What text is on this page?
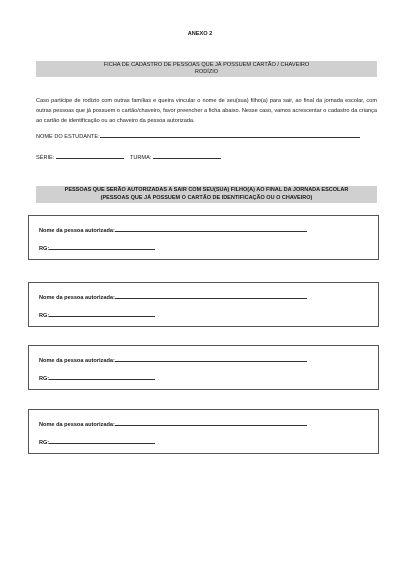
ANEXO 2
FICHA DE CADASTRO DE PESSOAS QUE JÁ POSSUEM CARTÃO / CHAVEIRO
RODÍZIO
Caso participe de rodízio com outras famílias e queira vincular o nome de seu(sua) filho(a) para sair, ao final da jornada escolar, com outras pessoas que já possuem o cartão/chaveiro, favor preencher a ficha abaixo. Nesse caso, vamos acrescentar o cadastro da criança ao cartão de identificação ou ao chaveiro da pessoa autorizada.
NOME DO ESTUDANTE:
SÉRIE:	TURMA:
PESSOAS QUE SERÃO AUTORIZADAS A SAIR COM SEU(SUA) FILHO(A) AO FINAL DA JORNADA ESCOLAR
(PESSOAS QUE JÁ POSSUEM O CARTÃO DE IDENTIFICAÇÃO OU O CHAVEIRO)
Nome da pessoa autorizada:
RG:
Nome da pessoa autorizada:
RG:
Nome da pessoa autorizada:
RG:
Nome da pessoa autorizada:
RG:
